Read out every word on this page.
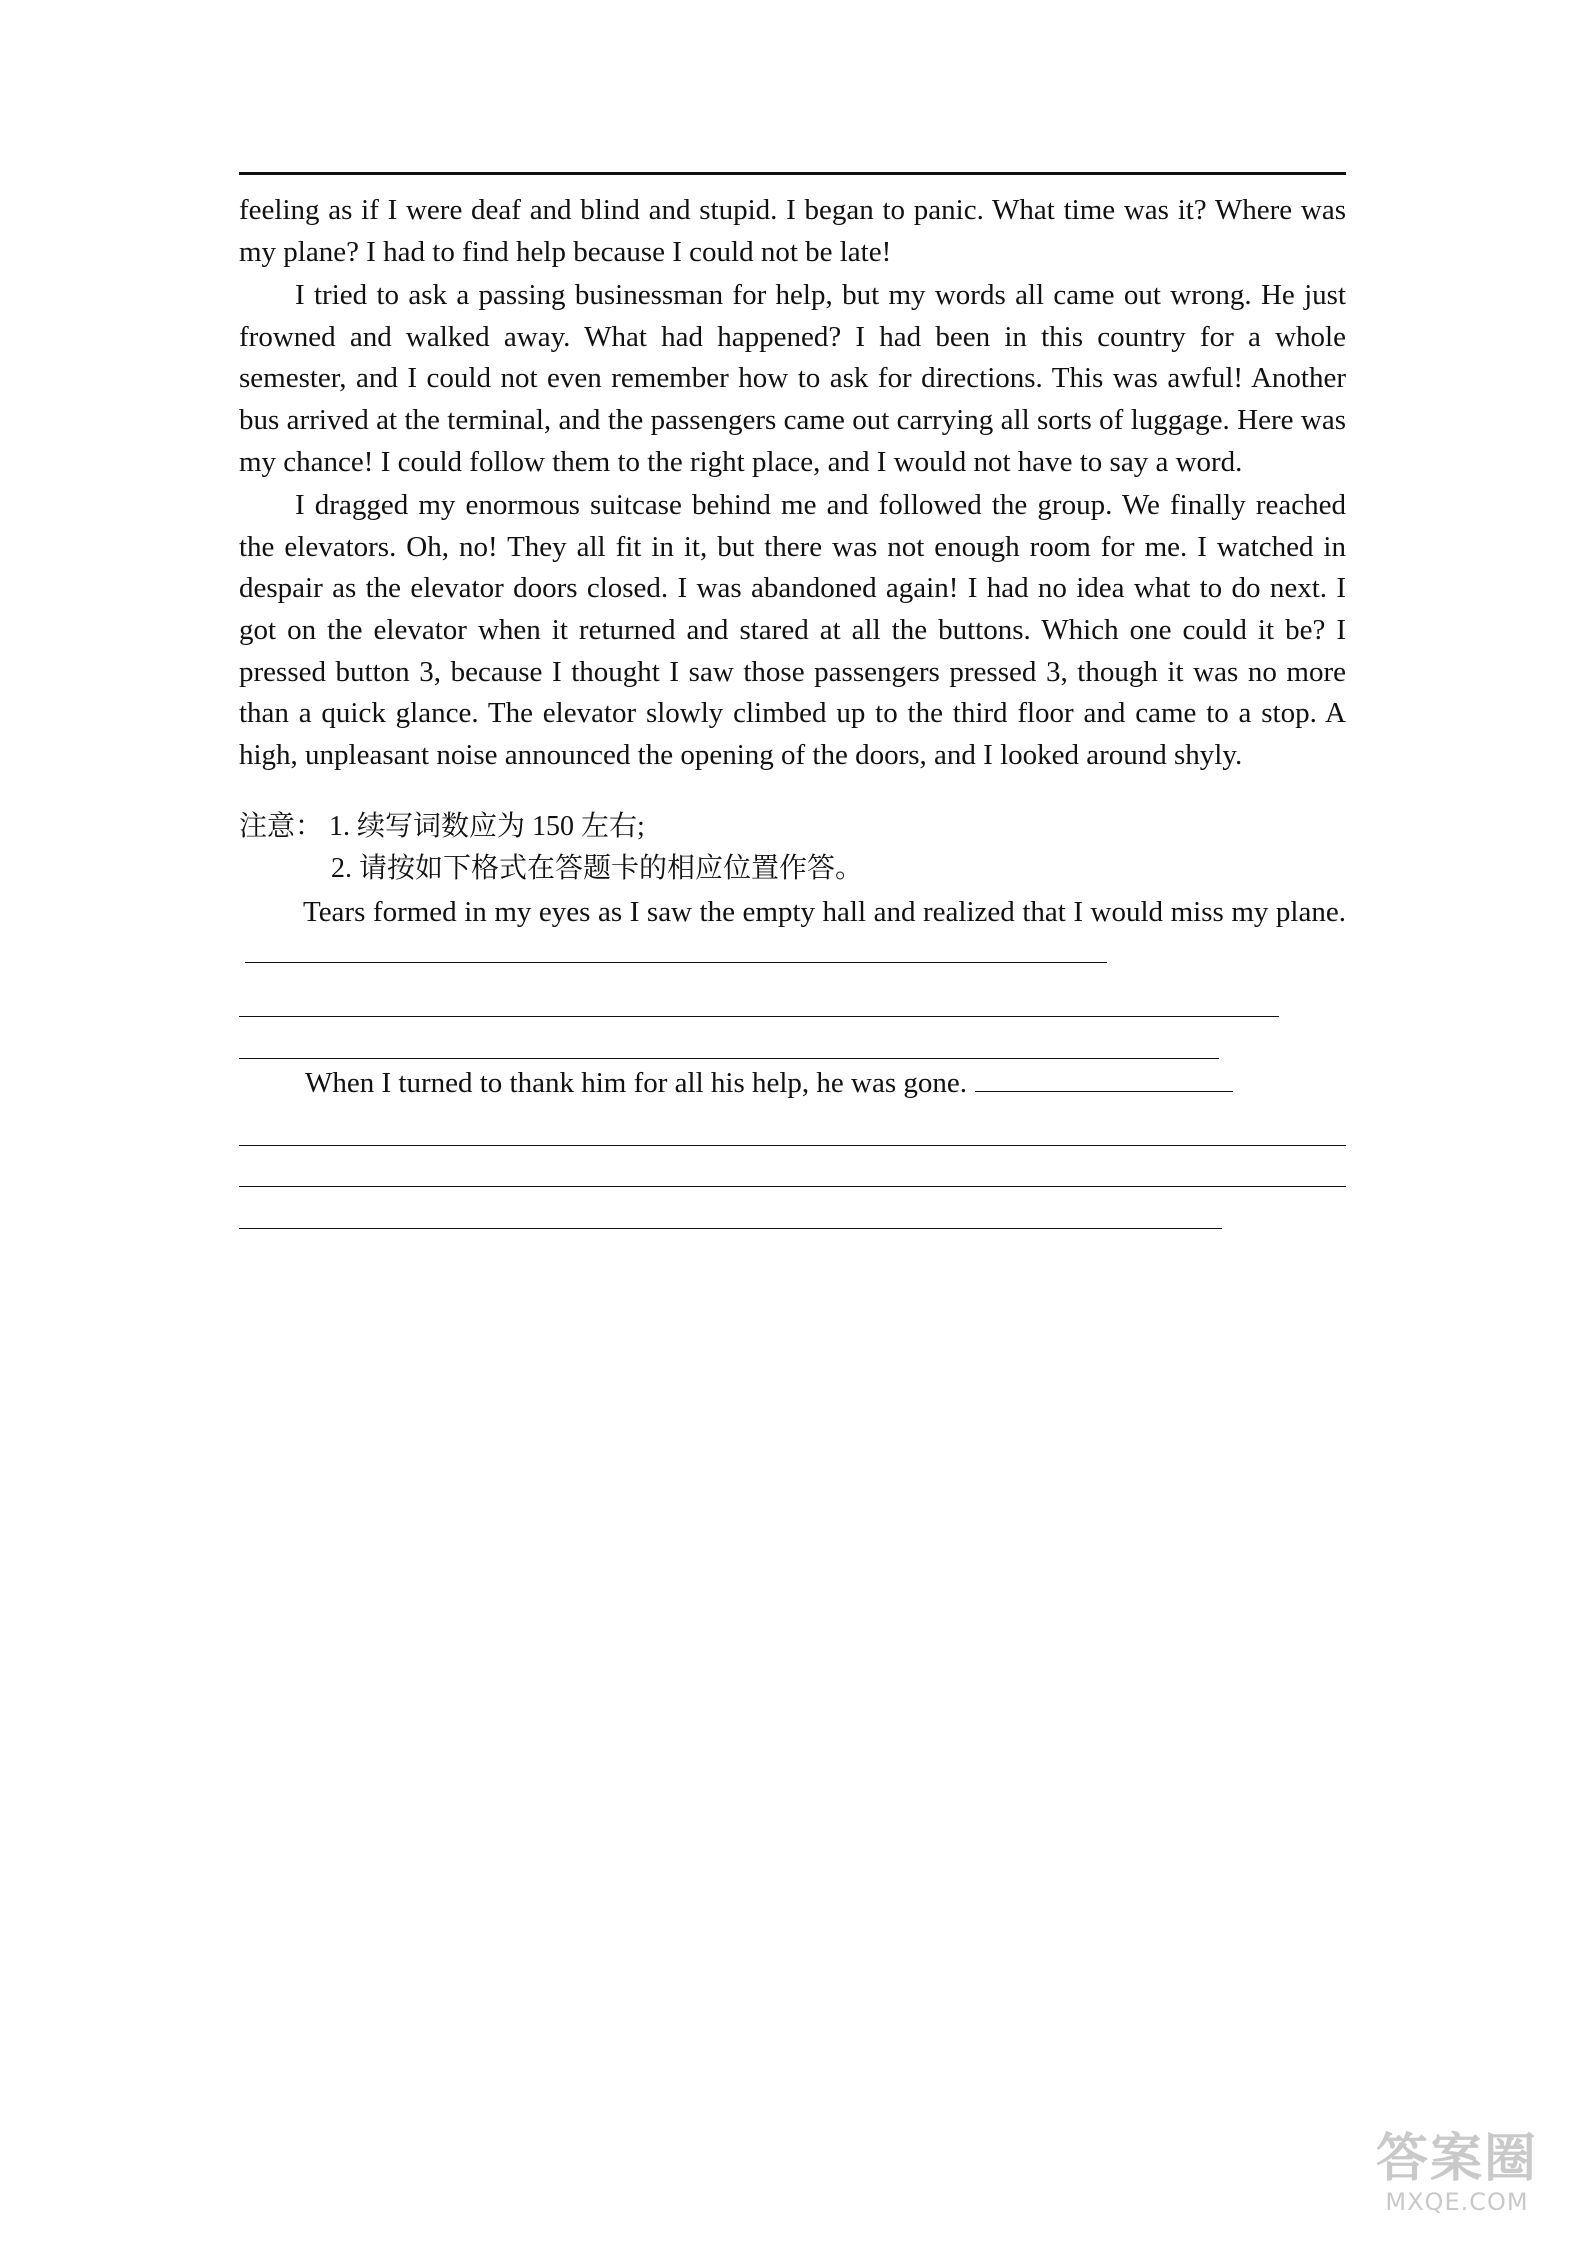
feeling as if I were deaf and blind and stupid. I began to panic. What time was it? Where was my plane? I had to find help because I could not be late!

I tried to ask a passing businessman for help, but my words all came out wrong. He just frowned and walked away. What had happened? I had been in this country for a whole semester, and I could not even remember how to ask for directions. This was awful! Another bus arrived at the terminal, and the passengers came out carrying all sorts of luggage. Here was my chance! I could follow them to the right place, and I would not have to say a word.

I dragged my enormous suitcase behind me and followed the group. We finally reached the elevators. Oh, no! They all fit in it, but there was not enough room for me. I watched in despair as the elevator doors closed. I was abandoned again! I had no idea what to do next. I got on the elevator when it returned and stared at all the buttons. Which one could it be? I pressed button 3, because I thought I saw those passengers pressed 3, though it was no more than a quick glance. The elevator slowly climbed up to the third floor and came to a stop. A high, unpleasant noise announced the opening of the doors, and I looked around shyly.

注意： 1. 续写词数应为 150 左右;
2. 请按如下格式在答题卡的相应位置作答。
Tears formed in my eyes as I saw the empty hall and realized that I would miss my plane.
When I turned to thank him for all his help, he was gone.
答案圈
MXQE.COM
